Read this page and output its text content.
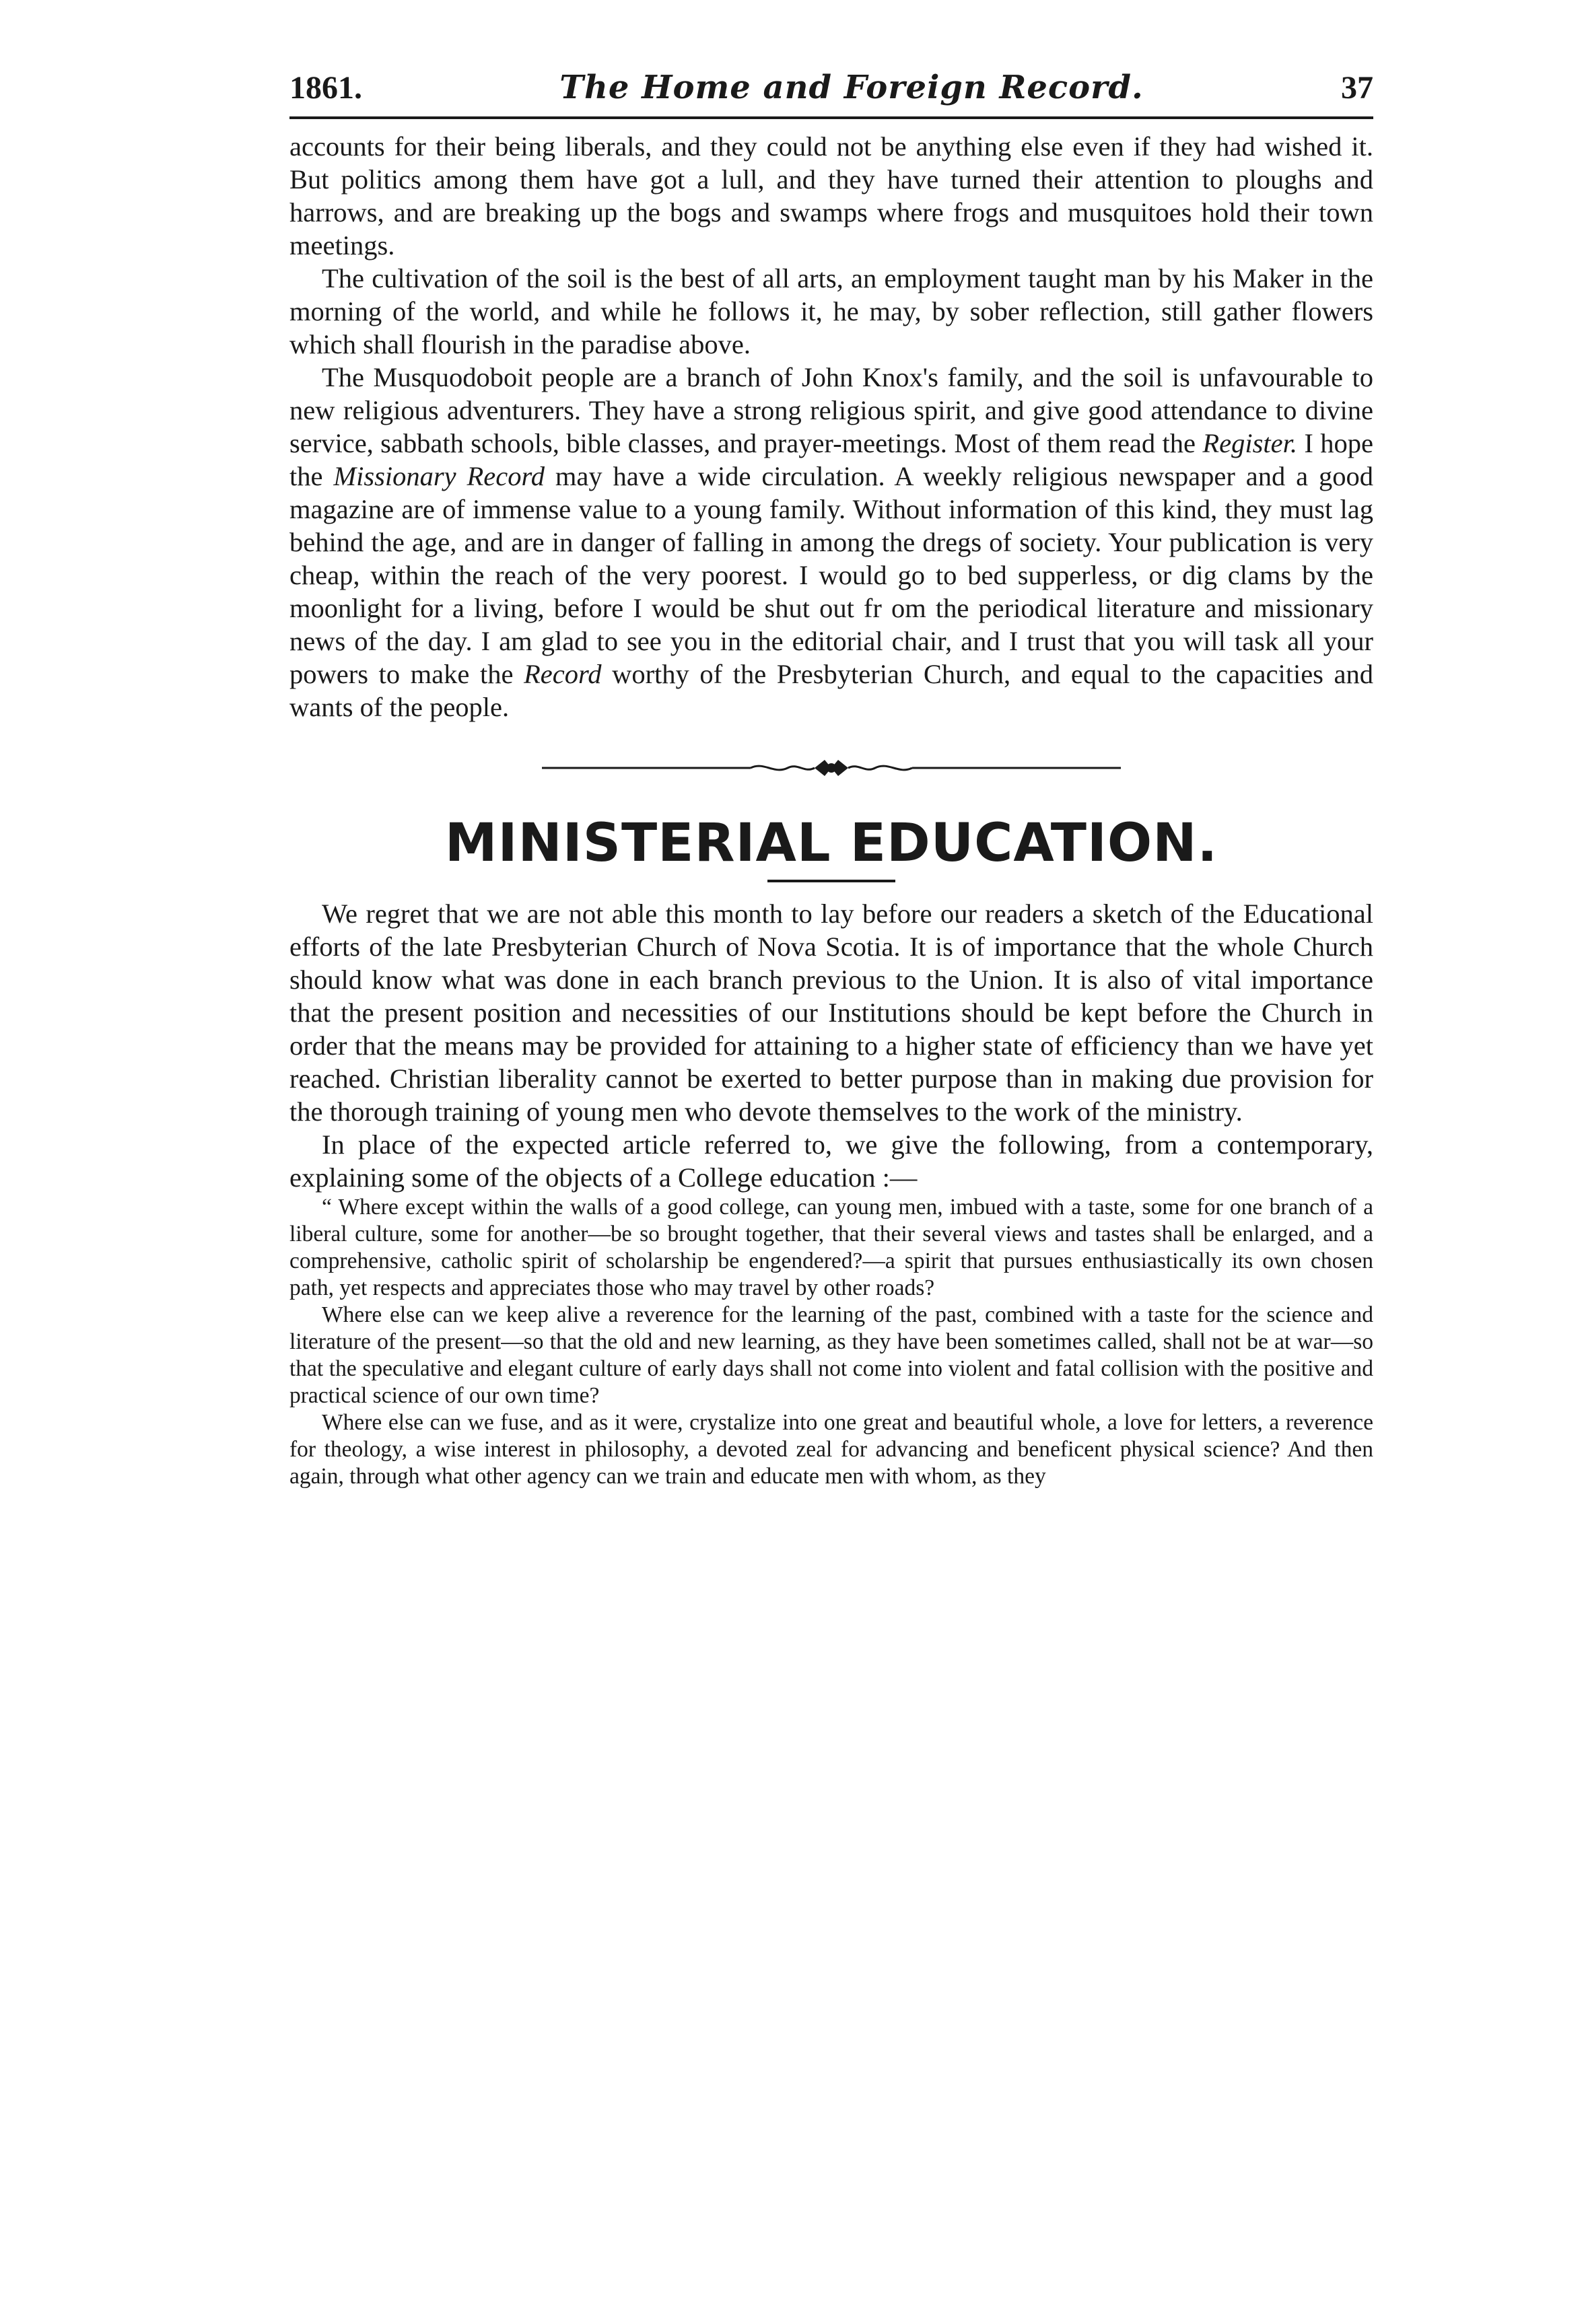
1861.	The Home and Foreign Record.	37

accounts for their being liberals, and they could not be anything else even if they had wished it. But politics among them have got a lull, and they have turned their attention to ploughs and harrows, and are breaking up the bogs and swamps where frogs and musquitoes hold their town meetings.

The cultivation of the soil is the best of all arts, an employment taught man by his Maker in the morning of the world, and while he follows it, he may, by sober reflection, still gather flowers which shall flourish in the paradise above.

The Musquodoboit people are a branch of John Knox's family, and the soil is unfavourable to new religious adventurers. They have a strong religious spirit, and give good attendance to divine service, sabbath schools, bible classes, and prayer-meetings. Most of them read the Register. I hope the Missionary Record may have a wide circulation. A weekly religious newspaper and a good magazine are of immense value to a young family. Without information of this kind, they must lag behind the age, and are in danger of falling in among the dregs of society. Your publication is very cheap, within the reach of the very poorest. I would go to bed supperless, or dig clams by the moonlight for a living, before I would be shut out fr om the periodical literature and missionary news of the day. I am glad to see you in the editorial chair, and I trust that you will task all your powers to make the Record worthy of the Presbyterian Church, and equal to the capacities and wants of the people.

MINISTERIAL EDUCATION.

We regret that we are not able this month to lay before our readers a sketch of the Educational efforts of the late Presbyterian Church of Nova Scotia. It is of importance that the whole Church should know what was done in each branch previous to the Union. It is also of vital importance that the present position and necessities of our Institutions should be kept before the Church in order that the means may be provided for attaining to a higher state of efficiency than we have yet reached. Christian liberality cannot be exerted to better purpose than in making due provision for the thorough training of young men who devote themselves to the work of the ministry.

In place of the expected article referred to, we give the following, from a contemporary, explaining some of the objects of a College education :—

“ Where except within the walls of a good college, can young men, imbued with a taste, some for one branch of a liberal culture, some for another—be so brought together, that their several views and tastes shall be enlarged, and a comprehensive, catholic spirit of scholarship be engendered?—a spirit that pursues enthusiastically its own chosen path, yet respects and appreciates those who may travel by other roads?

Where else can we keep alive a reverence for the learning of the past, combined with a taste for the science and literature of the present—so that the old and new learning, as they have been sometimes called, shall not be at war—so that the speculative and elegant culture of early days shall not come into violent and fatal collision with the positive and practical science of our own time?

Where else can we fuse, and as it were, crystalize into one great and beautiful whole, a love for letters, a reverence for theology, a wise interest in philosophy, a devoted zeal for advancing and beneficent physical science? And then again, through what other agency can we train and educate men with whom, as they
